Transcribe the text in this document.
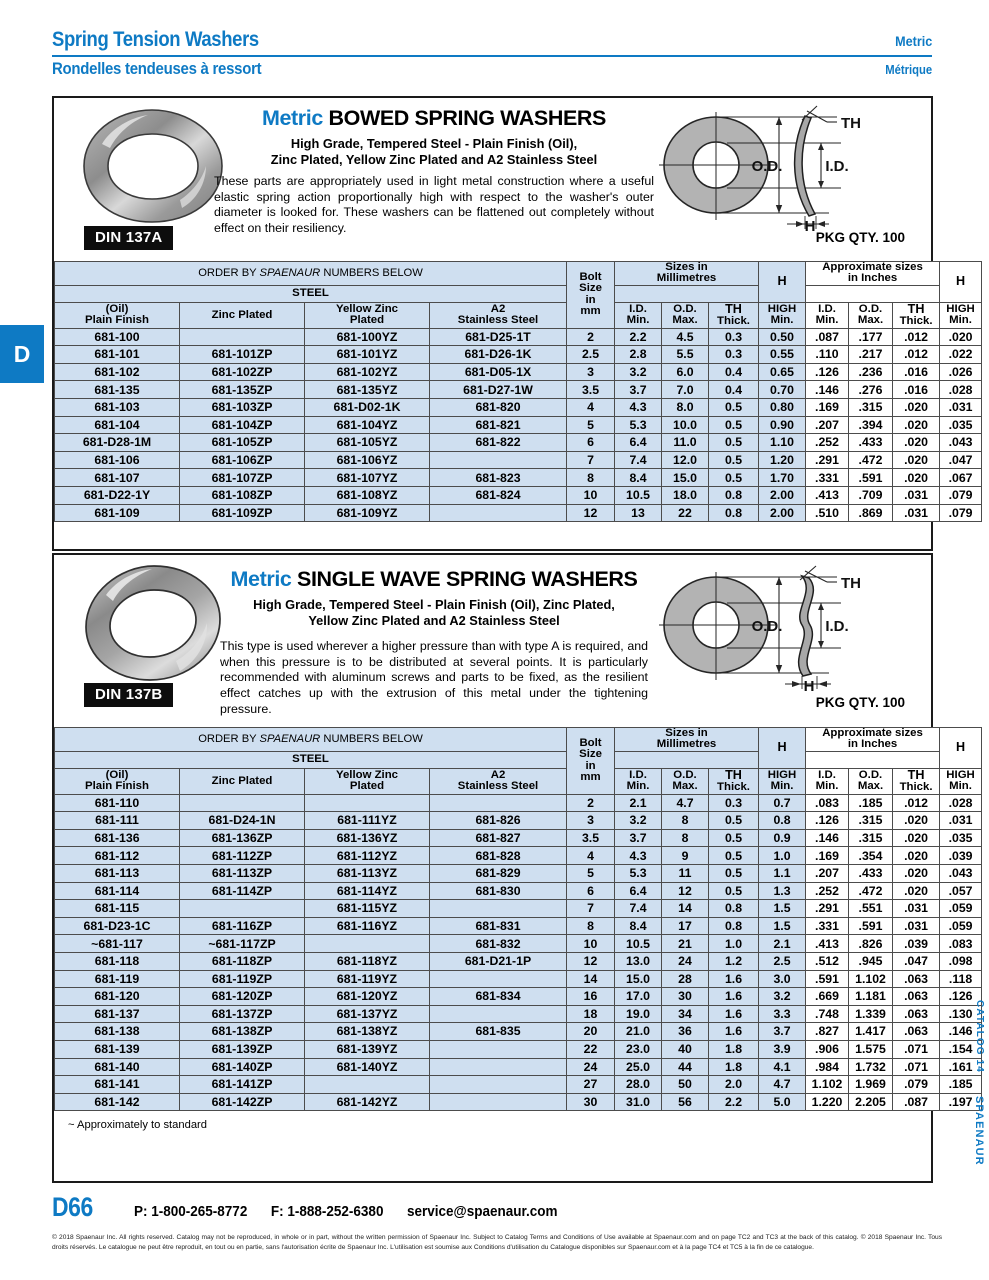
Spring Tension Washers	Metric
Rondelles tendeuses à ressort	Métrique
D
DIN 137A
Metric BOWED SPRING WASHERS
High Grade, Tempered Steel - Plain Finish (Oil),
Zinc Plated, Yellow Zinc Plated and A2 Stainless Steel
These parts are appropriately used in light metal construction where a useful elastic spring action proportionally high with respect to the washer's outer diameter is looked for. These washers can be flattened out completely without effect on their resiliency.
O.D.	I.D.
TH
H
PKG QTY. 100
ORDER BY SPAENAUR NUMBERS BELOW				Bolt
Size
in
mm	Sizes in
Millimetres			H	Approximate sizes
in Inches			H
STEEL												
(Oil)
Plain Finish	Zinc Plated	Yellow Zinc
Plated	A2
Stainless Steel		I.D.
Min.	O.D.
Max.	TH
Thick.	HIGH
Min.	I.D.
Min.	O.D.
Max.	TH
Thick.	HIGH
Min.
681-100		681-100YZ	681-D25-1T	2	2.2	4.5	0.3	0.50	.087	.177	.012	.020
681-101	681-101ZP	681-101YZ	681-D26-1K	2.5	2.8	5.5	0.3	0.55	.110	.217	.012	.022
681-102	681-102ZP	681-102YZ	681-D05-1X	3	3.2	6.0	0.4	0.65	.126	.236	.016	.026
681-135	681-135ZP	681-135YZ	681-D27-1W	3.5	3.7	7.0	0.4	0.70	.146	.276	.016	.028
681-103	681-103ZP	681-D02-1K	681-820	4	4.3	8.0	0.5	0.80	.169	.315	.020	.031
681-104	681-104ZP	681-104YZ	681-821	5	5.3	10.0	0.5	0.90	.207	.394	.020	.035
681-D28-1M	681-105ZP	681-105YZ	681-822	6	6.4	11.0	0.5	1.10	.252	.433	.020	.043
681-106	681-106ZP	681-106YZ		7	7.4	12.0	0.5	1.20	.291	.472	.020	.047
681-107	681-107ZP	681-107YZ	681-823	8	8.4	15.0	0.5	1.70	.331	.591	.020	.067
681-D22-1Y	681-108ZP	681-108YZ	681-824	10	10.5	18.0	0.8	2.00	.413	.709	.031	.079
681-109	681-109ZP	681-109YZ		12	13	22	0.8	2.00	.510	.869	.031	.079
DIN 137B
Metric SINGLE WAVE SPRING WASHERS
High Grade, Tempered Steel - Plain Finish (Oil), Zinc Plated,
Yellow Zinc Plated and A2 Stainless Steel
This type is used wherever a higher pressure than with type A is required, and when this pressure is to be distributed at several points. It is particularly recommended with aluminum screws and parts to be fixed, as the resilient effect catches up with the extrusion of this metal under the tightening pressure.
O.D.	I.D.
TH
H
PKG QTY. 100
ORDER BY SPAENAUR NUMBERS BELOW				Bolt
Size
in
mm	Sizes in
Millimetres			H	Approximate sizes
in Inches			H
STEEL												
(Oil)
Plain Finish	Zinc Plated	Yellow Zinc
Plated	A2
Stainless Steel		I.D.
Min.	O.D.
Max.	TH
Thick.	HIGH
Min.	I.D.
Min.	O.D.
Max.	TH
Thick.	HIGH
Min.
681-110				2	2.1	4.7	0.3	0.7	.083	.185	.012	.028
681-111	681-D24-1N	681-111YZ	681-826	3	3.2	8	0.5	0.8	.126	.315	.020	.031
681-136	681-136ZP	681-136YZ	681-827	3.5	3.7	8	0.5	0.9	.146	.315	.020	.035
681-112	681-112ZP	681-112YZ	681-828	4	4.3	9	0.5	1.0	.169	.354	.020	.039
681-113	681-113ZP	681-113YZ	681-829	5	5.3	11	0.5	1.1	.207	.433	.020	.043
681-114	681-114ZP	681-114YZ	681-830	6	6.4	12	0.5	1.3	.252	.472	.020	.057
681-115		681-115YZ		7	7.4	14	0.8	1.5	.291	.551	.031	.059
681-D23-1C	681-116ZP	681-116YZ	681-831	8	8.4	17	0.8	1.5	.331	.591	.031	.059
~681-117	~681-117ZP		681-832	10	10.5	21	1.0	2.1	.413	.826	.039	.083
681-118	681-118ZP	681-118YZ	681-D21-1P	12	13.0	24	1.2	2.5	.512	.945	.047	.098
681-119	681-119ZP	681-119YZ		14	15.0	28	1.6	3.0	.591	1.102	.063	.118
681-120	681-120ZP	681-120YZ	681-834	16	17.0	30	1.6	3.2	.669	1.181	.063	.126
681-137	681-137ZP	681-137YZ		18	19.0	34	1.6	3.3	.748	1.339	.063	.130
681-138	681-138ZP	681-138YZ	681-835	20	21.0	36	1.6	3.7	.827	1.417	.063	.146
681-139	681-139ZP	681-139YZ		22	23.0	40	1.8	3.9	.906	1.575	.071	.154
681-140	681-140ZP	681-140YZ		24	25.0	44	1.8	4.1	.984	1.732	.071	.161
681-141	681-141ZP			27	28.0	50	2.0	4.7	1.102	1.969	.079	.185
681-142	681-142ZP	681-142YZ		30	31.0	56	2.2	5.0	1.220	2.205	.087	.197
~ Approximately to standard
CATALOG 14
SPAENAUR
D66	P: 1-800-265-8772 F: 1-888-252-6380 service@spaenaur.com
© 2018 Spaenaur Inc. All rights reserved. Catalog may not be reproduced, in whole or in part, without the written permission of Spaenaur Inc. Subject to Catalog Terms and Conditions of Use available at Spaenaur.com and on page TC2 and TC3 at the back of this catalog. © 2018 Spaenaur Inc. Tous droits réservés. Le catalogue ne peut être reproduit, en tout ou en partie, sans l'autorisation écrite de Spaenaur Inc. L'utilisation est soumise aux Conditions d'utilisation du Catalogue disponibles sur Spaenaur.com et à la page TC4 et TC5 à la fin de ce catalogue.
